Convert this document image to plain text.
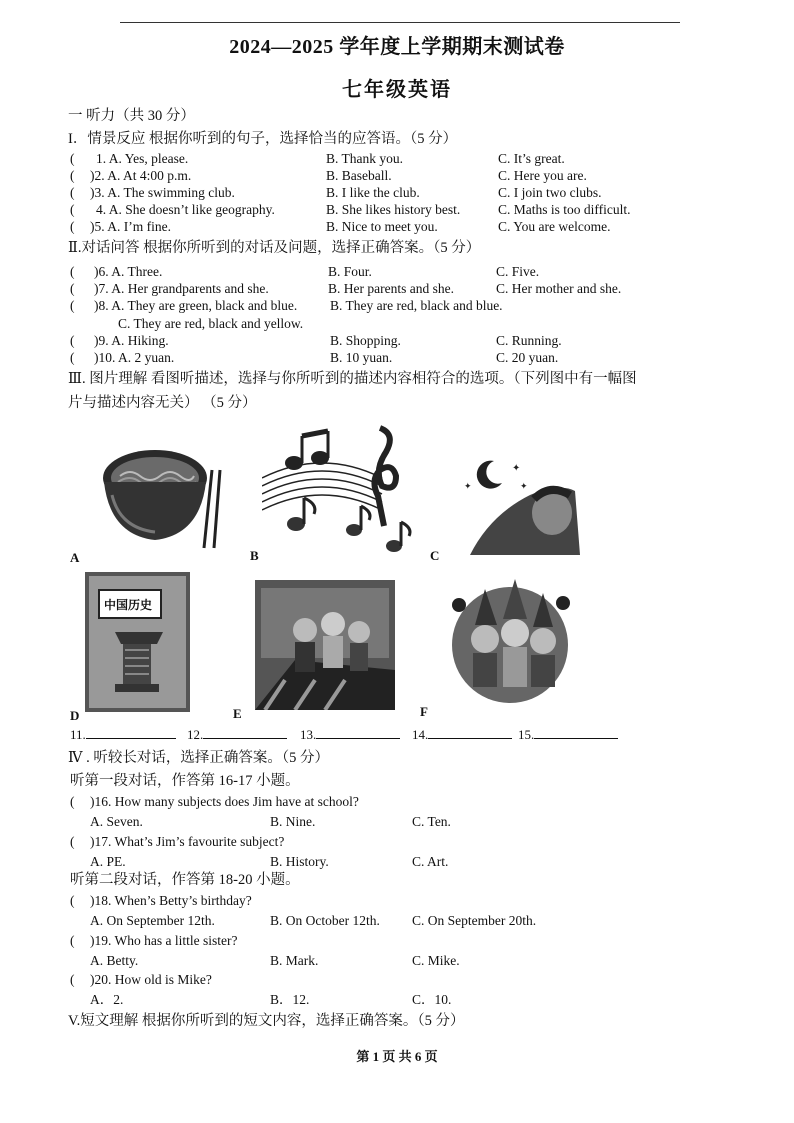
2024—2025 学年度上学期期末测试卷
七年级英语
一 听力（共 30 分）
I．情景反应 根据你听到的句子，选择恰当的应答语。（5 分）
( 1. A. Yes, please.	B. Thank you.	C. It’s great.
( )2. A. At 4:00 p.m.	B. Baseball.	C. Here you are.
( )3. A. The swimming club.	B. I like the club.	C. I join two clubs.
( 4. A. She doesn’t like geography.	B. She likes history best.	C. Maths is too difficult.
( )5. A. I’m fine.	B. Nice to meet you.	C. You are welcome.
Ⅱ.对话问答 根据你所听到的对话及问题，选择正确答案。（5 分）
( )6. A. Three.	B. Four.	C. Five.
( )7. A. Her grandparents and she.	B. Her parents and she.	C. Her mother and she.
( )8. A. They are green, black and blue. B. They are red, black and blue.
C. They are red, black and yellow.
( )9. A. Hiking.	B. Shopping.	C. Running.
( )10. A. 2 yuan.	B. 10 yuan.	C. 20 yuan.
Ⅲ. 图片理解 看图听描述，选择与你所听到的描述内容相符合的选项。（下列图中有一幅图
片与描述内容无关） （5 分）
A	B
✦
✦	✦
C
中国历史
D	E	F
11.	12.	13.	14.	15.
Ⅳ . 听较长对话，选择正确答案。（5 分）
听第一段对话，作答第 16-17 小题。
( )16. How many subjects does Jim have at school?
A. Seven.	B. Nine.	C. Ten.
( )17. What’s Jim’s favourite subject?
A. PE.	B. History.	C. Art.
听第二段对话，作答第 18-20 小题。
( )18. When’s Betty’s birthday?
A. On September 12th.	B. On October 12th. C. On September 20th.
( )19. Who has a little sister?
A. Betty.	B. Mark.	C. Mike.
( )20. How old is Mike?
A．2.	B．12.	C．10.
V.短文理解 根据你所听到的短文内容，选择正确答案。（5 分）
第 1 页 共 6 页
